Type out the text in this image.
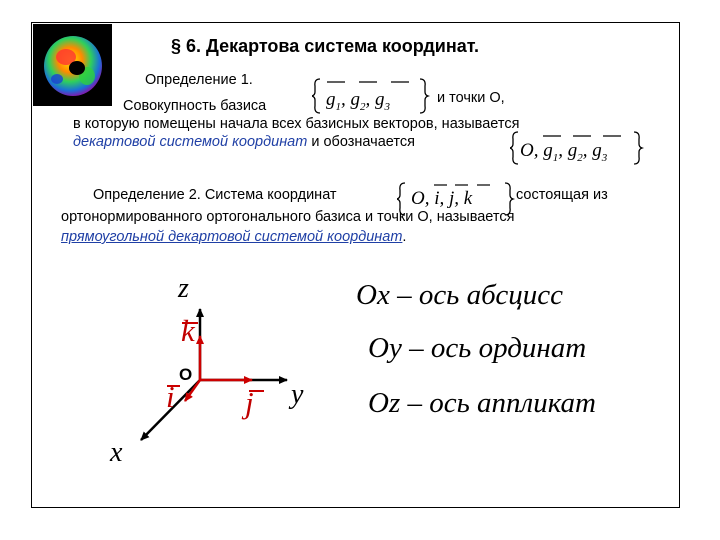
§ 6. Декартова система координат.
Определение 1.
Совокупность базиса	$g_1$, $g_2$, $g_3$
и точки O,
в которую помещены начала всех базисных векторов, называется
декартовой системой координат и обозначается	O, $g_1$, $g_2$, $g_3$
Определение 2. Система координат	O, i, j, k	состоящая из
ортонормированного ортогонального базиса и точки O, называется
прямоугольной декартовой системой координат.
z
k
O
i j y
x
Ox – ось абсцисс
Oy – ось ординат
Oz – ось аппликат
